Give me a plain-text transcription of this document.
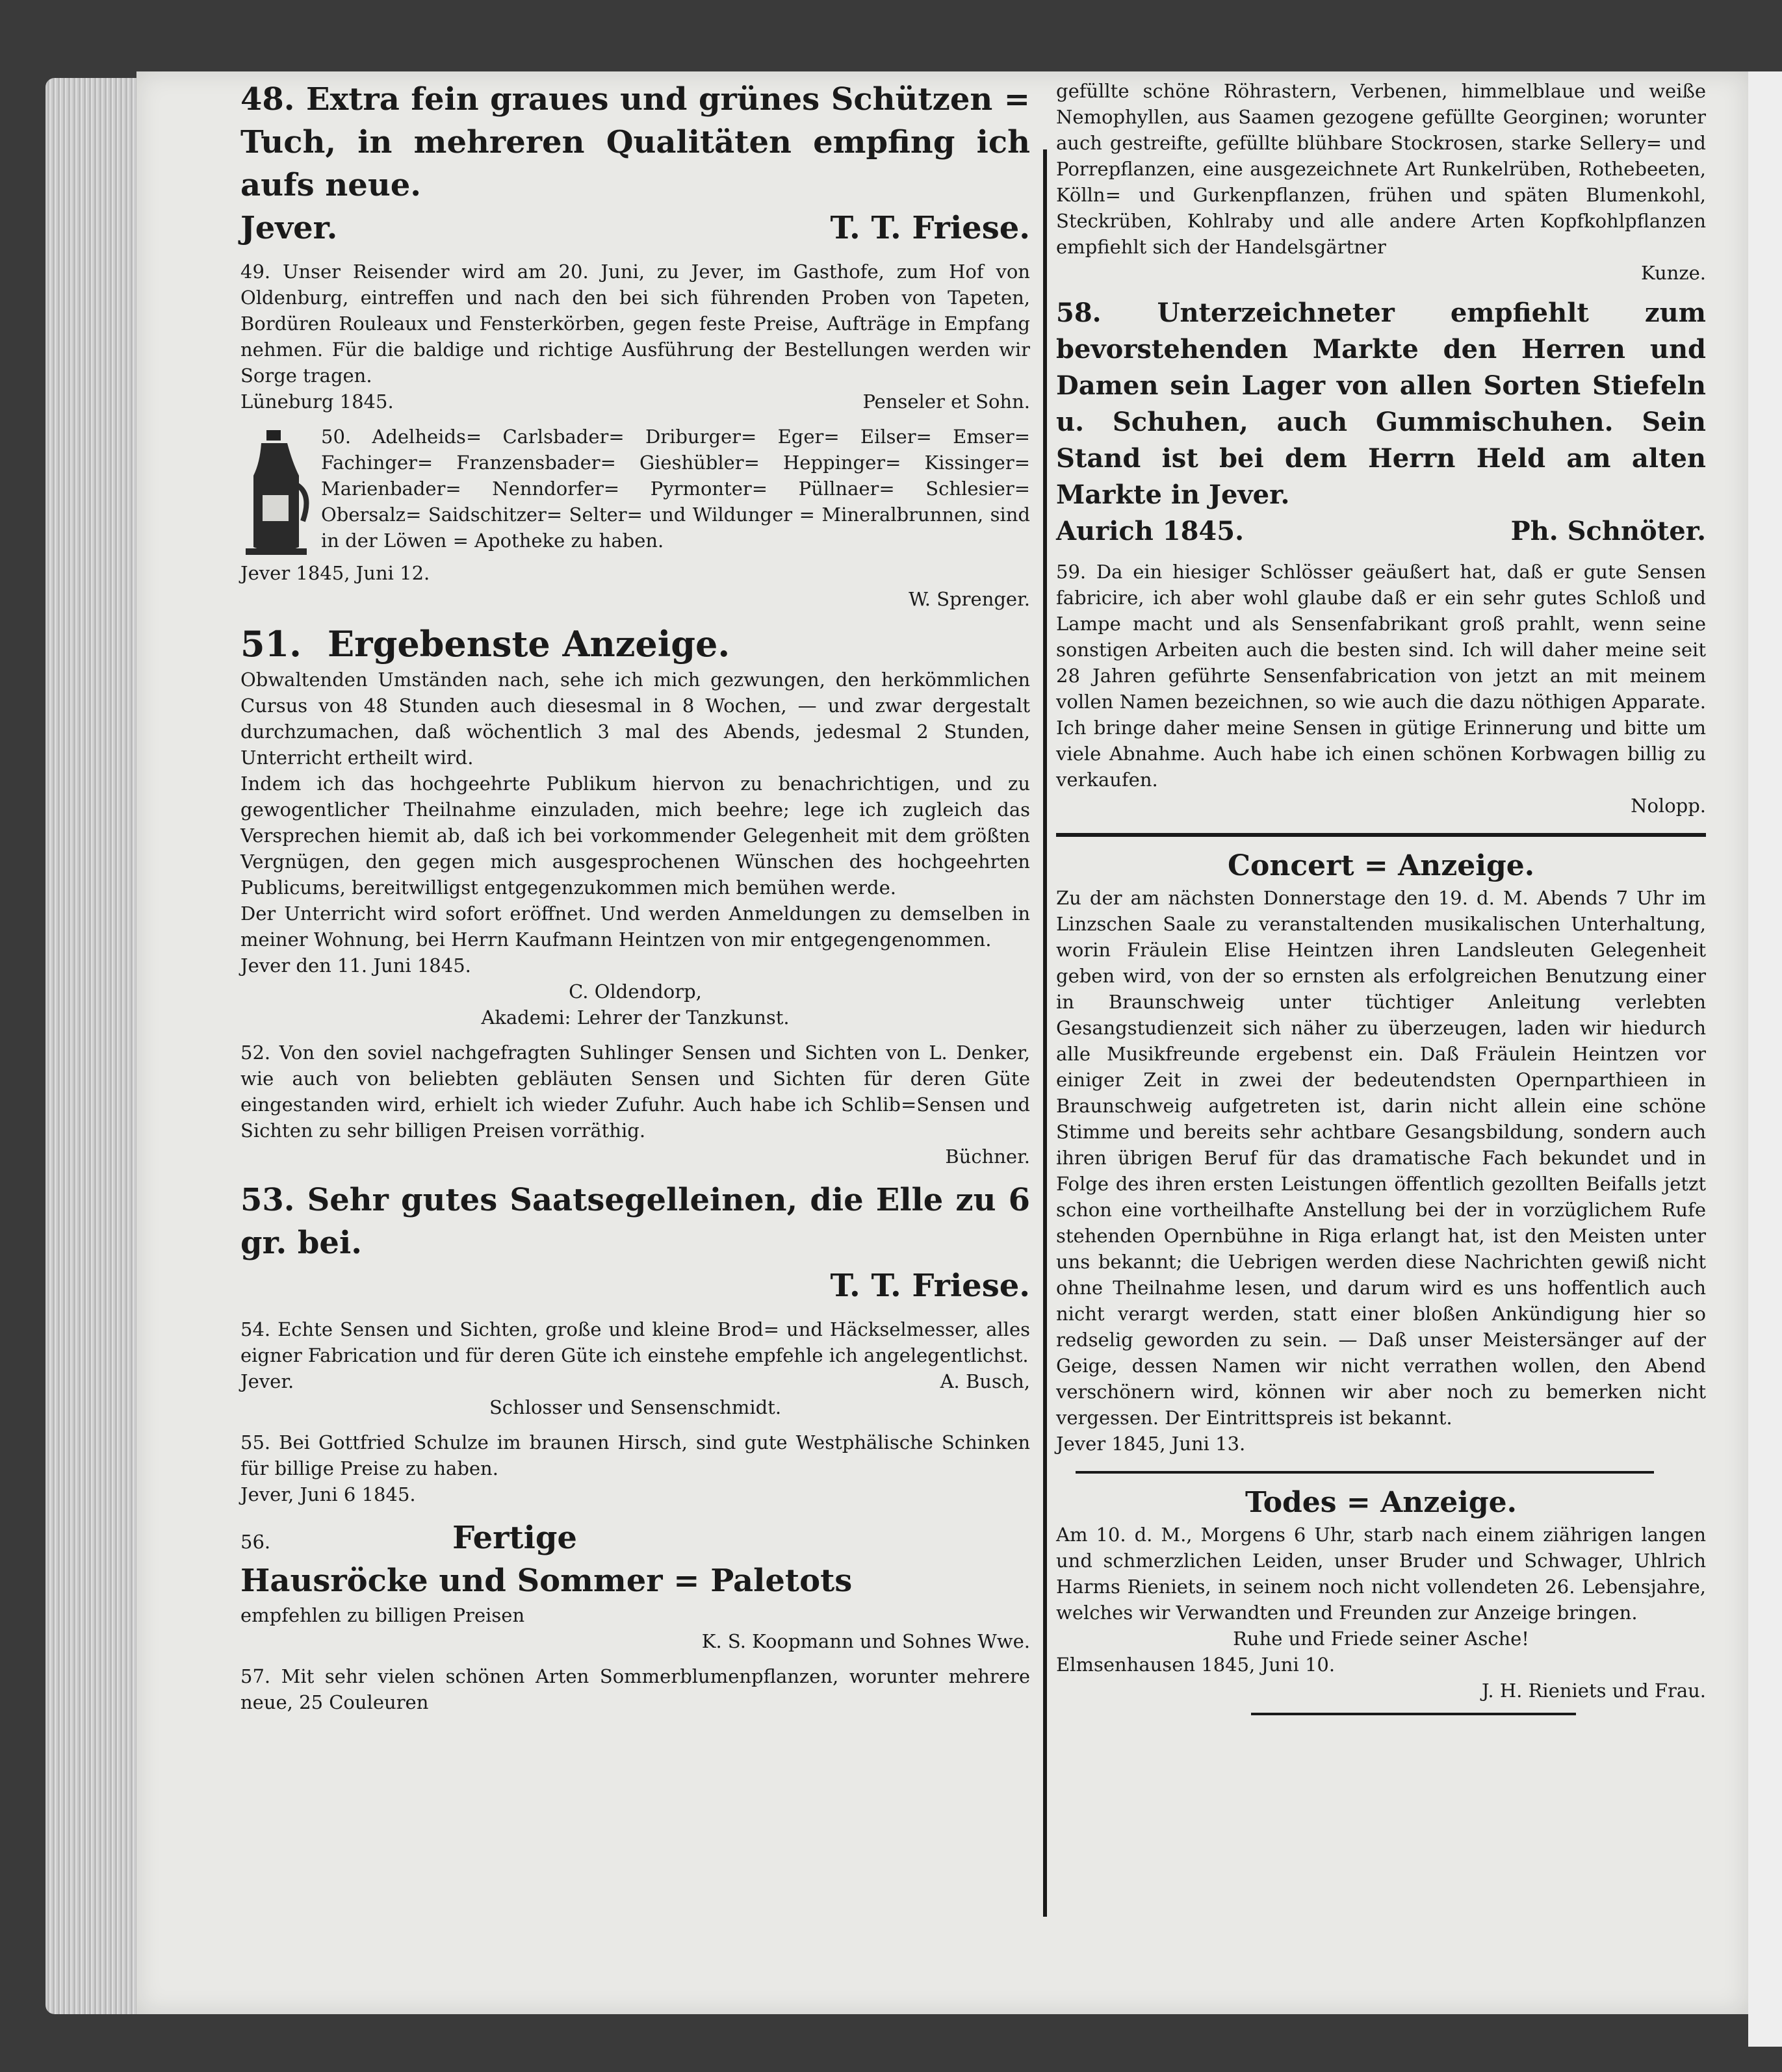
48. Extra fein graues und grünes Schützen = Tuch, in mehreren Qualitäten empfing ich aufs neue.

Jever.	T. T. Friese.

49. Unser Reisender wird am 20. Juni, zu Jever, im Gasthofe, zum Hof von Oldenburg, eintreffen und nach den bei sich führenden Proben von Tapeten, Bordüren Rouleaux und Fensterkörben, gegen feste Preise, Aufträge in Empfang nehmen. Für die baldige und richtige Ausführung der Bestellungen werden wir Sorge tragen.

Lüneburg 1845.	Penseler et Sohn.

50. Adelheids= Carlsbader= Driburger= Eger= Eilser= Emser= Fachinger= Franzensbader= Gieshübler= Heppinger= Kissinger= Marienbader= Nenndorfer= Pyrmonter= Püllnaer= Schlesier= Obersalz= Saidschitzer= Selter= und Wildunger = Mineralbrunnen, sind in der Löwen = Apotheke zu haben.

Jever 1845, Juni 12.

W. Sprenger.

51. Ergebenste Anzeige.

Obwaltenden Umständen nach, sehe ich mich gezwungen, den herkömmlichen Cursus von 48 Stunden auch diesesmal in 8 Wochen, — und zwar dergestalt durchzumachen, daß wöchentlich 3 mal des Abends, jedesmal 2 Stunden, Unterricht ertheilt wird.

Indem ich das hochgeehrte Publikum hiervon zu benachrichtigen, und zu gewogentlicher Theilnahme einzuladen, mich beehre; lege ich zugleich das Versprechen hiemit ab, daß ich bei vorkommender Gelegenheit mit dem größten Vergnügen, den gegen mich ausgesprochenen Wünschen des hochgeehrten Publicums, bereitwilligst entgegenzukommen mich bemühen werde.

Der Unterricht wird sofort eröffnet. Und werden Anmeldungen zu demselben in meiner Wohnung, bei Herrn Kaufmann Heintzen von mir entgegengenommen.

Jever den 11. Juni 1845.

C. Oldendorp,

Akademi: Lehrer der Tanzkunst.

52. Von den soviel nachgefragten Suhlinger Sensen und Sichten von L. Denker, wie auch von beliebten gebläuten Sensen und Sichten für deren Güte eingestanden wird, erhielt ich wieder Zufuhr. Auch habe ich Schlib=Sensen und Sichten zu sehr billigen Preisen vorräthig.

Büchner.

53. Sehr gutes Saatsegelleinen, die Elle zu 6 gr. bei.

T. T. Friese.

54. Echte Sensen und Sichten, große und kleine Brod= und Häckselmesser, alles eigner Fabrication und für deren Güte ich einstehe empfehle ich angelegentlichst.

Jever.	A. Busch,

Schlosser und Sensenschmidt.

55. Bei Gottfried Schulze im braunen Hirsch, sind gute Westphälische Schinken für billige Preise zu haben.

Jever, Juni 6 1845.

56.	Fertige

Hausröcke und Sommer = Paletots

empfehlen zu billigen Preisen

K. S. Koopmann und Sohnes Wwe.

57. Mit sehr vielen schönen Arten Sommerblumenpflanzen, worunter mehrere neue, 25 Couleuren

gefüllte schöne Röhrastern, Verbenen, himmelblaue und weiße Nemophyllen, aus Saamen gezogene gefüllte Georginen; worunter auch gestreifte, gefüllte blühbare Stockrosen, starke Sellery= und Porrepflanzen, eine ausgezeichnete Art Runkelrüben, Rothebeeten, Kölln= und Gurkenpflanzen, frühen und späten Blumenkohl, Steckrüben, Kohlraby und alle andere Arten Kopfkohlpflanzen empfiehlt sich der Handelsgärtner

Kunze.

58. Unterzeichneter empfiehlt zum bevorstehenden Markte den Herren und Damen sein Lager von allen Sorten Stiefeln u. Schuhen, auch Gummischuhen. Sein Stand ist bei dem Herrn Held am alten Markte in Jever.

Aurich 1845.	Ph. Schnöter.

59. Da ein hiesiger Schlösser geäußert hat, daß er gute Sensen fabricire, ich aber wohl glaube daß er ein sehr gutes Schloß und Lampe macht und als Sensenfabrikant groß prahlt, wenn seine sonstigen Arbeiten auch die besten sind. Ich will daher meine seit 28 Jahren geführte Sensenfabrication von jetzt an mit meinem vollen Namen bezeichnen, so wie auch die dazu nöthigen Apparate. Ich bringe daher meine Sensen in gütige Erinnerung und bitte um viele Abnahme. Auch habe ich einen schönen Korbwagen billig zu verkaufen.

Nolopp.

Concert = Anzeige.

Zu der am nächsten Donnerstage den 19. d. M. Abends 7 Uhr im Linzschen Saale zu veranstaltenden musikalischen Unterhaltung, worin Fräulein Elise Heintzen ihren Landsleuten Gelegenheit geben wird, von der so ernsten als erfolgreichen Benutzung einer in Braunschweig unter tüchtiger Anleitung verlebten Gesangstudienzeit sich näher zu überzeugen, laden wir hiedurch alle Musikfreunde ergebenst ein. Daß Fräulein Heintzen vor einiger Zeit in zwei der bedeutendsten Opernparthieen in Braunschweig aufgetreten ist, darin nicht allein eine schöne Stimme und bereits sehr achtbare Gesangsbildung, sondern auch ihren übrigen Beruf für das dramatische Fach bekundet und in Folge des ihren ersten Leistungen öffentlich gezollten Beifalls jetzt schon eine vortheilhafte Anstellung bei der in vorzüglichem Rufe stehenden Opernbühne in Riga erlangt hat, ist den Meisten unter uns bekannt; die Uebrigen werden diese Nachrichten gewiß nicht ohne Theilnahme lesen, und darum wird es uns hoffentlich auch nicht verargt werden, statt einer bloßen Ankündigung hier so redselig geworden zu sein. — Daß unser Meistersänger auf der Geige, dessen Namen wir nicht verrathen wollen, den Abend verschönern wird, können wir aber noch zu bemerken nicht vergessen. Der Eintrittspreis ist bekannt.

Jever 1845, Juni 13.

Todes = Anzeige.

Am 10. d. M., Morgens 6 Uhr, starb nach einem ziährigen langen und schmerzlichen Leiden, unser Bruder und Schwager, Uhlrich Harms Rieniets, in seinem noch nicht vollendeten 26. Lebensjahre, welches wir Verwandten und Freunden zur Anzeige bringen.

Ruhe und Friede seiner Asche!

Elmsenhausen 1845, Juni 10.

J. H. Rieniets und Frau.
